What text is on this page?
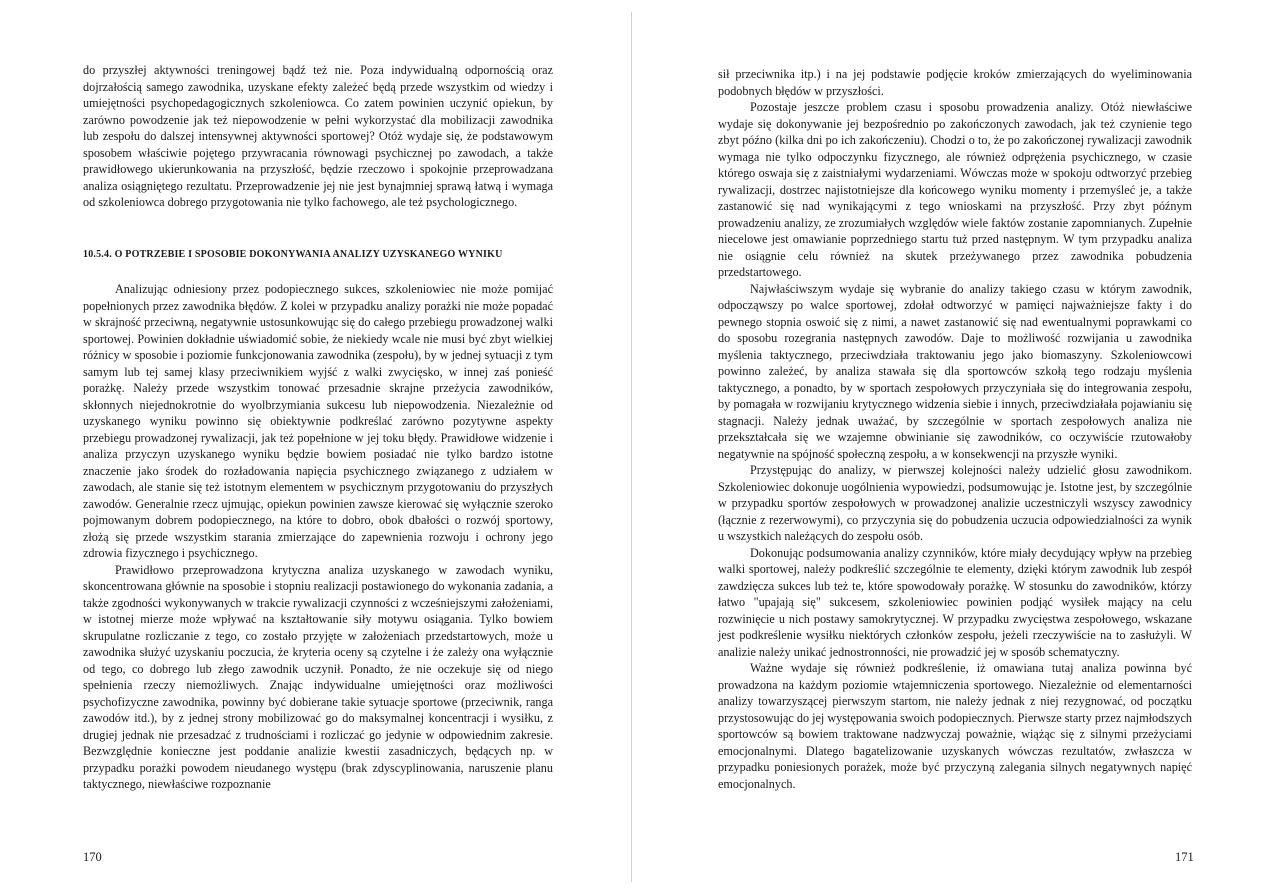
do przyszłej aktywności treningowej bądź też nie. Poza indywidualną odpornością oraz dojrzałością samego zawodnika, uzyskane efekty zależeć będą przede wszystkim od wiedzy i umiejętności psychopedagogicznych szkoleniowca. Co zatem powinien uczynić opiekun, by zarówno powodzenie jak też niepowodzenie w pełni wykorzystać dla mobilizacji zawodnika lub zespołu do dalszej intensywnej aktywności sportowej? Otóż wydaje się, że podstawowym sposobem właściwie pojętego przywracania równowagi psychicznej po zawodach, a także prawidłowego ukierunkowania na przyszłość, będzie rzeczowo i spokojnie przeprowadzana analiza osiągniętego rezultatu. Przeprowadzenie jej nie jest bynajmniej sprawą łatwą i wymaga od szkoleniowca dobrego przygotowania nie tylko fachowego, ale też psychologicznego.

10.5.4. O POTRZEBIE I SPOSOBIE DOKONYWANIA ANALIZY UZYSKANEGO WYNIKU

Analizując odniesiony przez podopiecznego sukces, szkoleniowiec nie może pomijać popełnionych przez zawodnika błędów. Z kolei w przypadku analizy porażki nie może popadać w skrajność przeciwną, negatywnie ustosunkowując się do całego przebiegu prowadzonej walki sportowej. Powinien dokładnie uświadomić sobie, że niekiedy wcale nie musi być zbyt wielkiej różnicy w sposobie i poziomie funkcjonowania zawodnika (zespołu), by w jednej sytuacji z tym samym lub tej samej klasy przeciwnikiem wyjść z walki zwycięsko, w innej zaś ponieść porażkę. Należy przede wszystkim tonować przesadnie skrajne przeżycia zawodników, skłonnych niejednokrotnie do wyolbrzymiania sukcesu lub niepowodzenia. Niezależnie od uzyskanego wyniku powinno się obiektywnie podkreślać zarówno pozytywne aspekty przebiegu prowadzonej rywalizacji, jak też popełnione w jej toku błędy. Prawidłowe widzenie i analiza przyczyn uzyskanego wyniku będzie bowiem posiadać nie tylko bardzo istotne znaczenie jako środek do rozładowania napięcia psychicznego związanego z udziałem w zawodach, ale stanie się też istotnym elementem w psychicznym przygotowaniu do przyszłych zawodów. Generalnie rzecz ujmując, opiekun powinien zawsze kierować się wyłącznie szeroko pojmowanym dobrem podopiecznego, na które to dobro, obok dbałości o rozwój sportowy, złożą się przede wszystkim starania zmierzające do zapewnienia rozwoju i ochrony jego zdrowia fizycznego i psychicznego.

Prawidłowo przeprowadzona krytyczna analiza uzyskanego w zawodach wyniku, skoncentrowana głównie na sposobie i stopniu realizacji postawionego do wykonania zadania, a także zgodności wykonywanych w trakcie rywalizacji czynności z wcześniejszymi założeniami, w istotnej mierze może wpływać na kształtowanie siły motywu osiągania. Tylko bowiem skrupulatne rozliczanie z tego, co zostało przyjęte w założeniach przedstartowych, może u zawodnika służyć uzyskaniu poczucia, że kryteria oceny są czytelne i że zależy ona wyłącznie od tego, co dobrego lub złego zawodnik uczynił. Ponadto, że nie oczekuje się od niego spełnienia rzeczy niemożliwych. Znając indywidualne umiejętności oraz możliwości psychofizyczne zawodnika, powinny być dobierane takie sytuacje sportowe (przeciwnik, ranga zawodów itd.), by z jednej strony mobilizować go do maksymalnej koncentracji i wysiłku, z drugiej jednak nie przesadzać z trudnościami i rozliczać go jedynie w odpowiednim zakresie. Bezwzględnie konieczne jest poddanie analizie kwestii zasadniczych, będących np. w przypadku porażki powodem nieudanego występu (brak zdyscyplinowania, naruszenie planu taktycznego, niewłaściwe rozpoznanie

170

sił przeciwnika itp.) i na jej podstawie podjęcie kroków zmierzających do wyeliminowania podobnych błędów w przyszłości.

Pozostaje jeszcze problem czasu i sposobu prowadzenia analizy. Otóż niewłaściwe wydaje się dokonywanie jej bezpośrednio po zakończonych zawodach, jak też czynienie tego zbyt późno (kilka dni po ich zakończeniu). Chodzi o to, że po zakończonej rywalizacji zawodnik wymaga nie tylko odpoczynku fizycznego, ale również odprężenia psychicznego, w czasie którego oswaja się z zaistniałymi wydarzeniami. Wówczas może w spokoju odtworzyć przebieg rywalizacji, dostrzec najistotniejsze dla końcowego wyniku momenty i przemyśleć je, a także zastanowić się nad wynikającymi z tego wnioskami na przyszłość. Przy zbyt późnym prowadzeniu analizy, ze zrozumiałych względów wiele faktów zostanie zapomnianych. Zupełnie niecelowe jest omawianie poprzedniego startu tuż przed następnym. W tym przypadku analiza nie osiągnie celu również na skutek przeżywanego przez zawodnika pobudzenia przedstartowego.

Najwłaściwszym wydaje się wybranie do analizy takiego czasu w którym zawodnik, odpocząwszy po walce sportowej, zdołał odtworzyć w pamięci najważniejsze fakty i do pewnego stopnia oswoić się z nimi, a nawet zastanowić się nad ewentualnymi poprawkami co do sposobu rozegrania następnych zawodów. Daje to możliwość rozwijania u zawodnika myślenia taktycznego, przeciwdziała traktowaniu jego jako biomaszyny. Szkoleniowcowi powinno zależeć, by analiza stawała się dla sportowców szkołą tego rodzaju myślenia taktycznego, a ponadto, by w sportach zespołowych przyczyniała się do integrowania zespołu, by pomagała w rozwijaniu krytycznego widzenia siebie i innych, przeciwdziałała pojawianiu się stagnacji. Należy jednak uważać, by szczególnie w sportach zespołowych analiza nie przekształcała się we wzajemne obwinianie się zawodników, co oczywiście rzutowałoby negatywnie na spójność społeczną zespołu, a w konsekwencji na przyszłe wyniki.

Przystępując do analizy, w pierwszej kolejności należy udzielić głosu zawodnikom. Szkoleniowiec dokonuje uogólnienia wypowiedzi, podsumowując je. Istotne jest, by szczególnie w przypadku sportów zespołowych w prowadzonej analizie uczestniczyli wszyscy zawodnicy (łącznie z rezerwowymi), co przyczynia się do pobudzenia uczucia odpowiedzialności za wynik u wszystkich należących do zespołu osób.

Dokonując podsumowania analizy czynników, które miały decydujący wpływ na przebieg walki sportowej, należy podkreślić szczególnie te elementy, dzięki którym zawodnik lub zespół zawdzięcza sukces lub też te, które spowodowały porażkę. W stosunku do zawodników, którzy łatwo "upajają się" sukcesem, szkoleniowiec powinien podjąć wysiłek mający na celu rozwinięcie u nich postawy samokrytycznej. W przypadku zwycięstwa zespołowego, wskazane jest podkreślenie wysiłku niektórych członków zespołu, jeżeli rzeczywiście na to zasłużyli. W analizie należy unikać jednostronności, nie prowadzić jej w sposób schematyczny.

Ważne wydaje się również podkreślenie, iż omawiana tutaj analiza powinna być prowadzona na każdym poziomie wtajemniczenia sportowego. Niezależnie od elementarności analizy towarzyszącej pierwszym startom, nie należy jednak z niej rezygnować, od początku przystosowując do jej występowania swoich podopiecznych. Pierwsze starty przez najmłodszych sportowców są bowiem traktowane nadzwyczaj poważnie, wiążąc się z silnymi przeżyciami emocjonalnymi. Dlatego bagatelizowanie uzyskanych wówczas rezultatów, zwłaszcza w przypadku poniesionych porażek, może być przyczyną zalegania silnych negatywnych napięć emocjonalnych.

171
